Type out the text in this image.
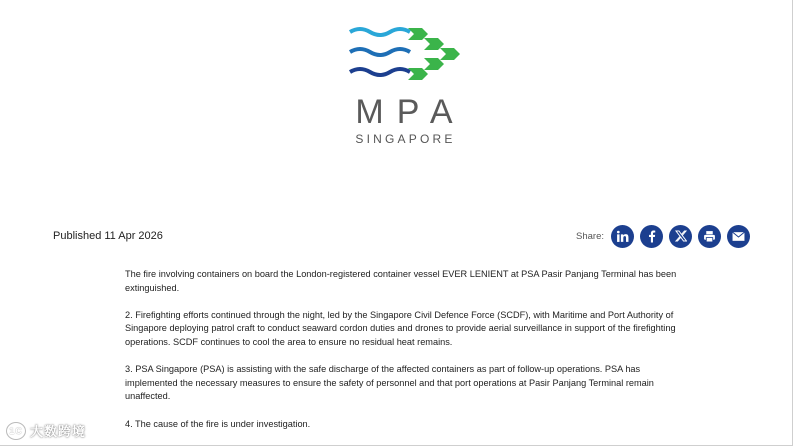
MPA
SINGAPORE
Published 11 Apr 2026	Share:

The fire involving containers on board the London-registered container vessel EVER LENIENT at PSA Pasir Panjang Terminal has been extinguished.

2. Firefighting efforts continued through the night, led by the Singapore Civil Defence Force (SCDF), with Maritime and Port Authority of Singapore deploying patrol craft to conduct seaward cordon duties and drones to provide aerial surveillance in support of the firefighting operations. SCDF continues to cool the area to ensure no residual heat remains.

3. PSA Singapore (PSA) is assisting with the safe discharge of the affected containers as part of follow-up operations. PSA has implemented the necessary measures to ensure the safety of personnel and that port operations at Pasir Panjang Terminal remain unaffected.

4. The cause of the fire is under investigation.

1C 大数跨境
